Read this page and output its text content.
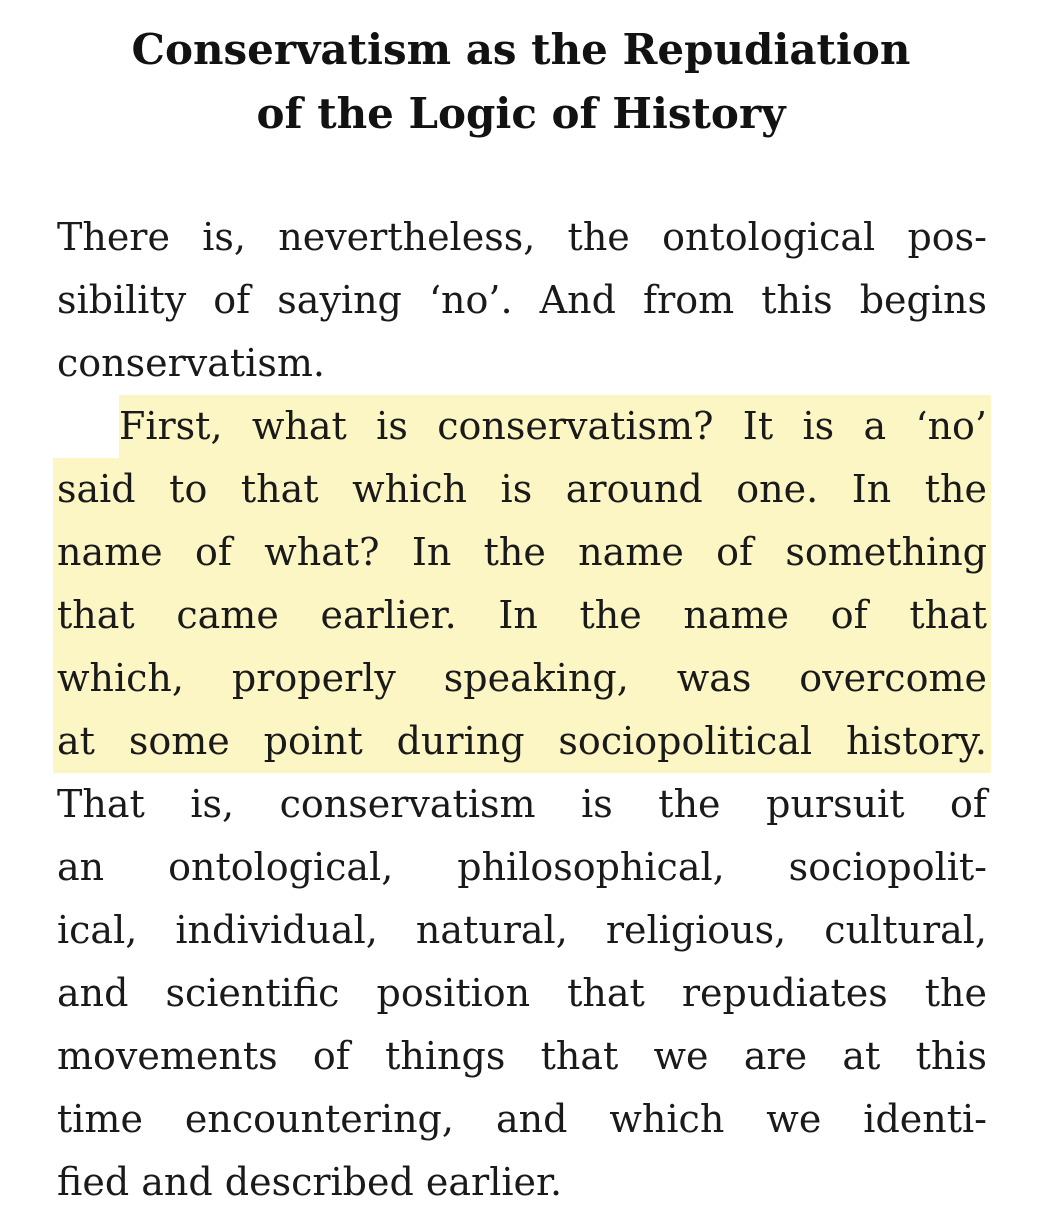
Conservatism as the Repudiation
of the Logic of History
There is, nevertheless, the ontological pos-
sibility of saying ‘no’. And from this begins
conservatism.
First, what is conservatism? It is a ‘no’
said to that which is around one. In the
name of what? In the name of something
that came earlier. In the name of that
which, properly speaking, was overcome
at some point during sociopolitical history.
That is, conservatism is the pursuit of
an ontological, philosophical, sociopolit-
ical, individual, natural, religious, cultural,
and scientific position that repudiates the
movements of things that we are at this
time encountering, and which we identi-
fied and described earlier.
